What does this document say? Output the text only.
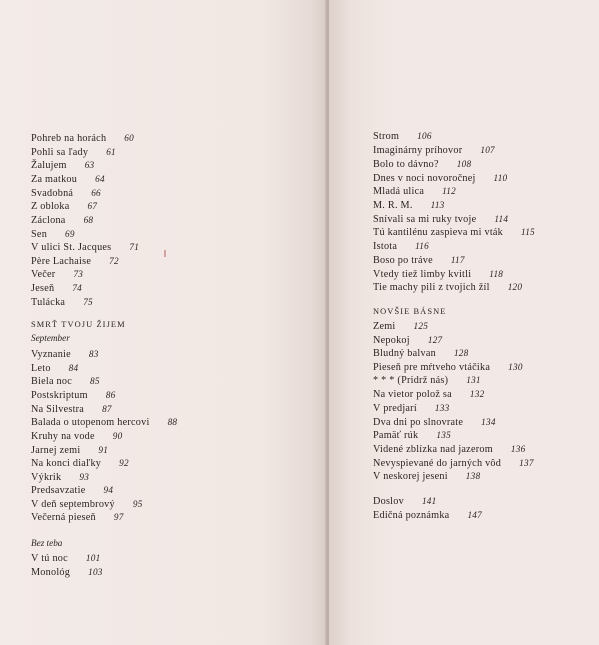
Pohreb na horách 60
Pohli sa ľady 61
Žalujem 63
Za matkou 64
Svadobná 66
Z obloka 67
Záclona 68
Sen 69
V ulici St. Jacques 71
Père Lachaise 72
Večer 73
Jeseň 74
Tulácka 75
SMRŤ TVOJU ŽIJEM
September
Vyznanie 83
Leto 84
Biela noc 85
Postskriptum 86
Na Silvestra 87
Balada o utopenom hercovi 88
Kruhy na vode 90
Jarnej zemi 91
Na konci diaľky 92
Výkrik 93
Predsavzatie 94
V deň septembrový 95
Večerná pieseň 97
Bez teba
V tú noc 101
Monológ 103
Strom 106
Imaginárny príhovor 107
Bolo to dávno? 108
Dnes v noci novoročnej 110
Mladá ulica 112
M. R. M. 113
Snívali sa mi ruky tvoje 114
Tú kantilénu zaspieva mi vták 115
Istota 116
Boso po tráve 117
Vtedy tiež limby kvitli 118
Tie machy pili z tvojich žíl 120
NOVŠIE BÁSNE
Zemi 125
Nepokoj 127
Bludný balvan 128
Pieseň pre mŕtveho vtáčika 130
* * * (Pridrž nás) 131
Na vietor polož sa 132
V predjarí 133
Dva dni po slnovrate 134
Pamäť rúk 135
Videné zblízka nad jazerom 136
Nevyspievané do jarných vôd 137
V neskorej jeseni 138
Doslov 141
Edičná poznámka 147
